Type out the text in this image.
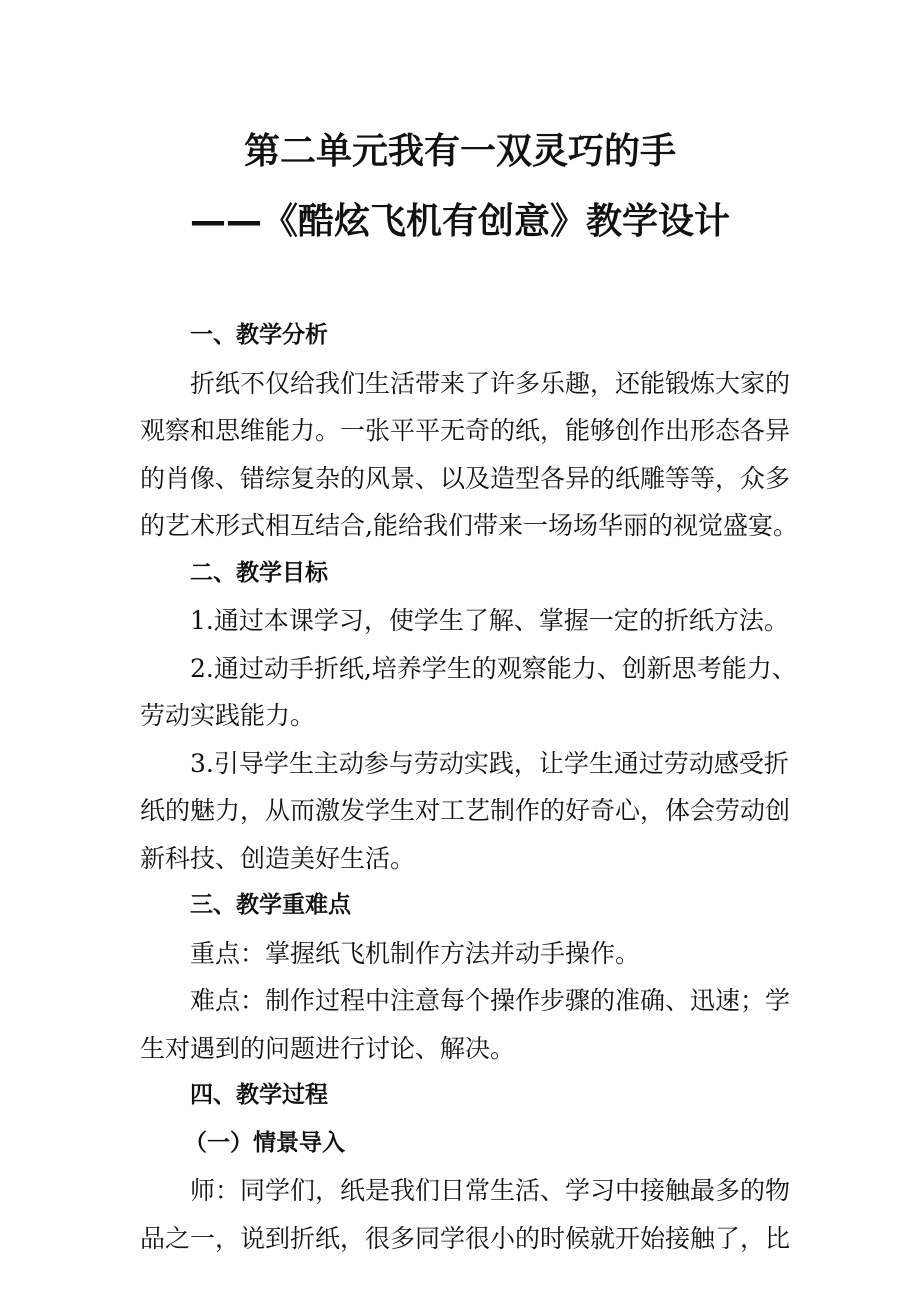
第二单元我有一双灵巧的手
——《酷炫飞机有创意》教学设计
一、教学分析
折纸不仅给我们生活带来了许多乐趣，还能锻炼大家的
观察和思维能力。一张平平无奇的纸，能够创作出形态各异
的肖像、错综复杂的风景、以及造型各异的纸雕等等，众多
的艺术形式相互结合,能给我们带来一场场华丽的视觉盛宴。
二、教学目标
1.通过本课学习，使学生了解、掌握一定的折纸方法。
2.通过动手折纸,培养学生的观察能力、创新思考能力、
劳动实践能力。
3.引导学生主动参与劳动实践，让学生通过劳动感受折
纸的魅力，从而激发学生对工艺制作的好奇心，体会劳动创
新科技、创造美好生活。
三、教学重难点
重点：掌握纸飞机制作方法并动手操作。
难点：制作过程中注意每个操作步骤的准确、迅速；学
生对遇到的问题进行讨论、解决。
四、教学过程
（一）情景导入
师：同学们，纸是我们日常生活、学习中接触最多的物
品之一，说到折纸，很多同学很小的时候就开始接触了，比
